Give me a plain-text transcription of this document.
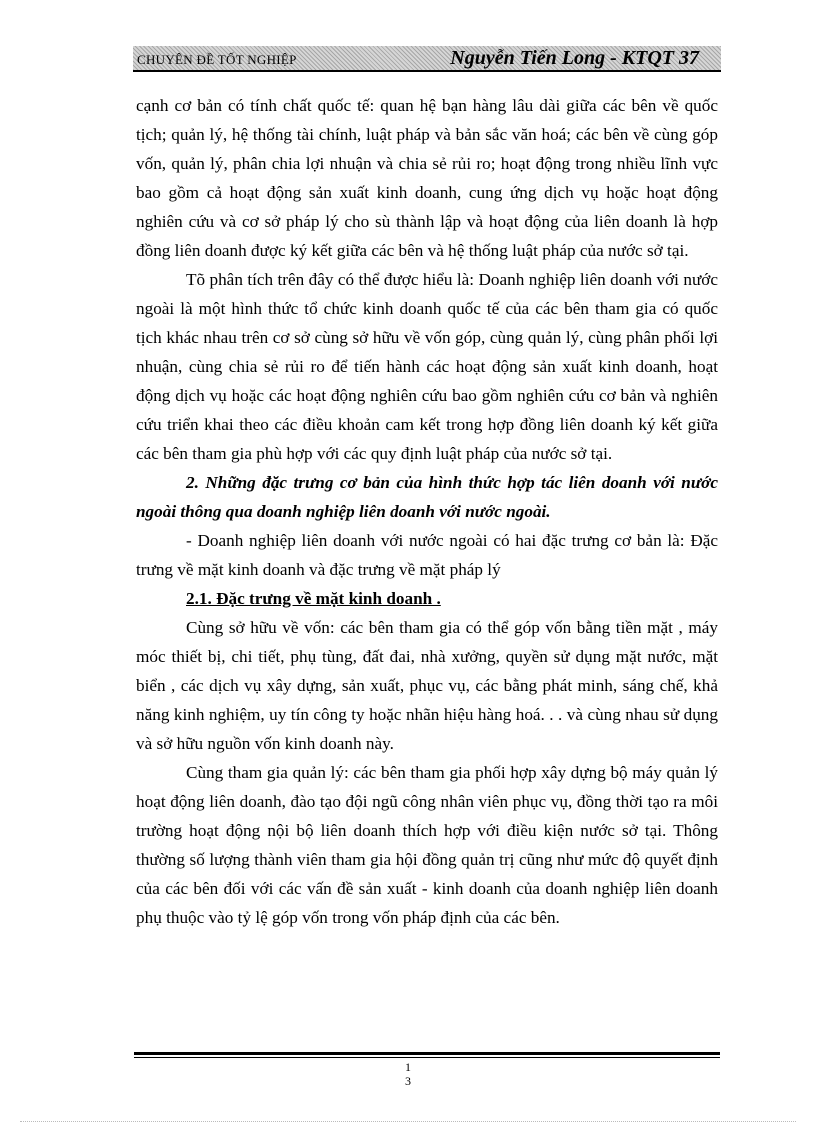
CHUYÊN ĐỀ TỐT NGHIỆP	Nguyễn Tiến Long - KTQT 37

cạnh cơ bản có tính chất quốc tế: quan hệ bạn hàng lâu dài giữa các bên về quốc tịch; quản lý, hệ thống tài chính, luật pháp và bản sắc văn hoá; các bên về cùng góp vốn, quản lý, phân chia lợi nhuận và chia sẻ rủi ro; hoạt động trong nhiều lĩnh vực bao gồm cả hoạt động sản xuất kinh doanh, cung ứng dịch vụ hoặc hoạt động nghiên cứu và cơ sở pháp lý cho sù thành lập và hoạt động của liên doanh là hợp đồng liên doanh được ký kết giữa các bên và hệ thống luật pháp của nước sở tại.

Tõ phân tích trên đây có thể được hiểu là: Doanh nghiệp liên doanh với nước ngoài là một hình thức tổ chức kinh doanh quốc tế của các bên tham gia có quốc tịch khác nhau trên cơ sở cùng sở hữu về vốn góp, cùng quản lý, cùng phân phối lợi nhuận, cùng chia sẻ rủi ro để tiến hành các hoạt động sản xuất kinh doanh, hoạt động dịch vụ hoặc các hoạt động nghiên cứu bao gồm nghiên cứu cơ bản và nghiên cứu triển khai theo các điều khoản cam kết trong hợp đồng liên doanh ký kết giữa các bên tham gia phù hợp với các quy định luật pháp của nước sở tại.

2. Những đặc trưng cơ bản của hình thức hợp tác liên doanh với nước ngoài thông qua doanh nghiệp liên doanh với nước ngoài.

- Doanh nghiệp liên doanh với nước ngoài có hai đặc trưng cơ bản là: Đặc trưng về mặt kinh doanh và đặc trưng về mặt pháp lý

2.1. Đặc trưng về mặt kinh doanh .

Cùng sở hữu về vốn: các bên tham gia có thể góp vốn bằng tiền mặt , máy móc thiết bị, chi tiết, phụ tùng, đất đai, nhà xưởng, quyền sử dụng mặt nước, mặt biển , các dịch vụ xây dựng, sản xuất, phục vụ, các bằng phát minh, sáng chế, khả năng kinh nghiệm, uy tín công ty hoặc nhãn hiệu hàng hoá. . . và cùng nhau sử dụng và sở hữu nguồn vốn kinh doanh này.

Cùng tham gia quản lý: các bên tham gia phối hợp xây dựng bộ máy quản lý hoạt động liên doanh, đào tạo đội ngũ công nhân viên phục vụ, đồng thời tạo ra môi trường hoạt động nội bộ liên doanh thích hợp với điều kiện nước sở tại. Thông thường số lượng thành viên tham gia hội đồng quản trị cũng như mức độ quyết định của các bên đối với các vấn đề sản xuất - kinh doanh của doanh nghiệp liên doanh phụ thuộc vào tỷ lệ góp vốn trong vốn pháp định của các bên.

1
3
